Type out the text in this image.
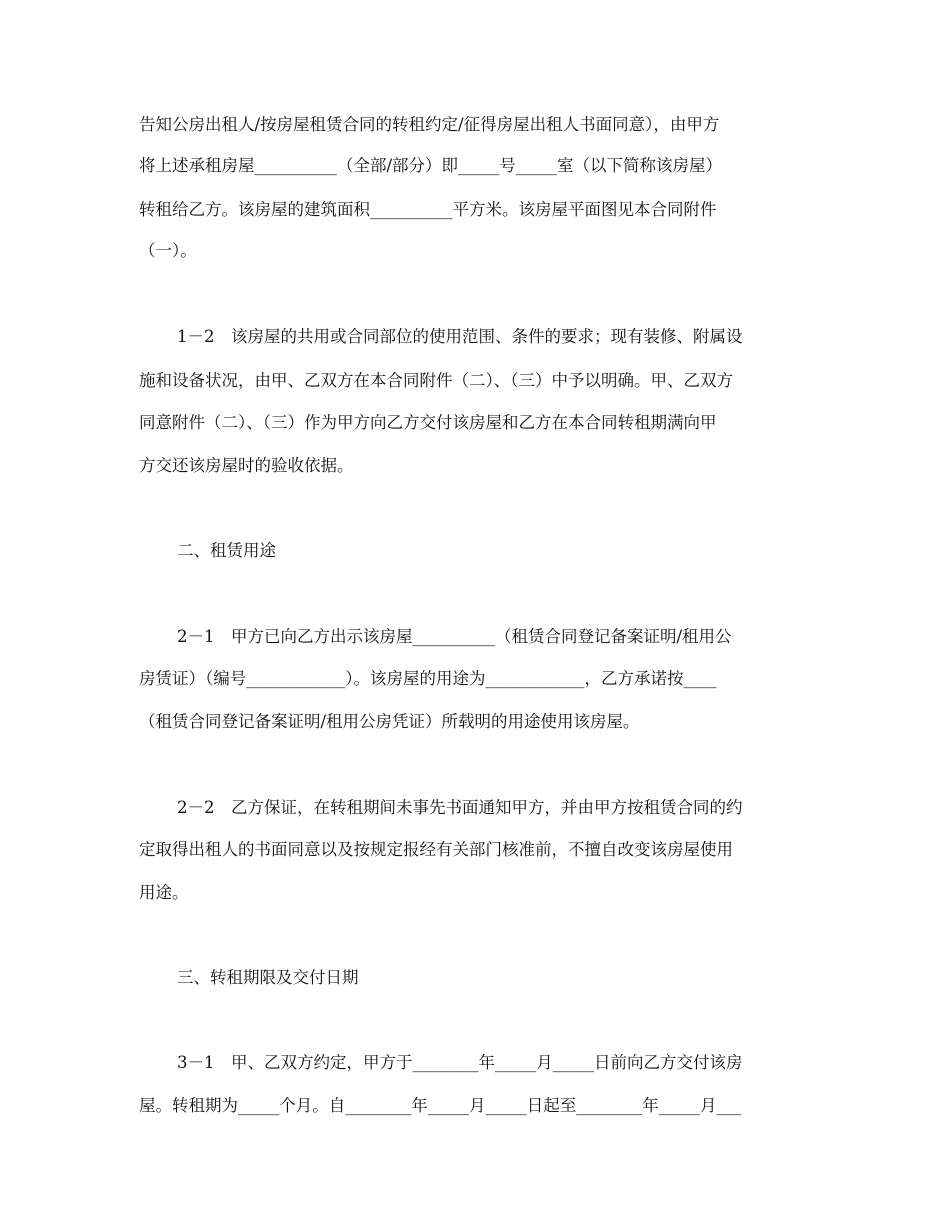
告知公房出租人/按房屋租赁合同的转租约定/征得房屋出租人书面同意），由甲方
将上述承租房屋__________（全部/部分）即_____号_____室（以下简称该房屋）
转租给乙方。该房屋的建筑面积__________平方米。该房屋平面图见本合同附件
（一）。
1－2　该房屋的共用或合同部位的使用范围、条件的要求；现有装修、附属设
施和设备状况，由甲、乙双方在本合同附件（二）、（三）中予以明确。甲、乙双方
同意附件（二）、（三）作为甲方向乙方交付该房屋和乙方在本合同转租期满向甲
方交还该房屋时的验收依据。
二、租赁用途
2－1　甲方已向乙方出示该房屋__________（租赁合同登记备案证明/租用公
房赁证）（编号____________）。该房屋的用途为____________，乙方承诺按____
（租赁合同登记备案证明/租用公房凭证）所载明的用途使用该房屋。
2－2　乙方保证，在转租期间未事先书面通知甲方，并由甲方按租赁合同的约
定取得出租人的书面同意以及按规定报经有关部门核准前，不擅自改变该房屋使用
用途。
三、转租期限及交付日期
3－1　甲、乙双方约定，甲方于________年_____月_____日前向乙方交付该房
屋。转租期为_____个月。自________年_____月_____日起至________年_____月___
